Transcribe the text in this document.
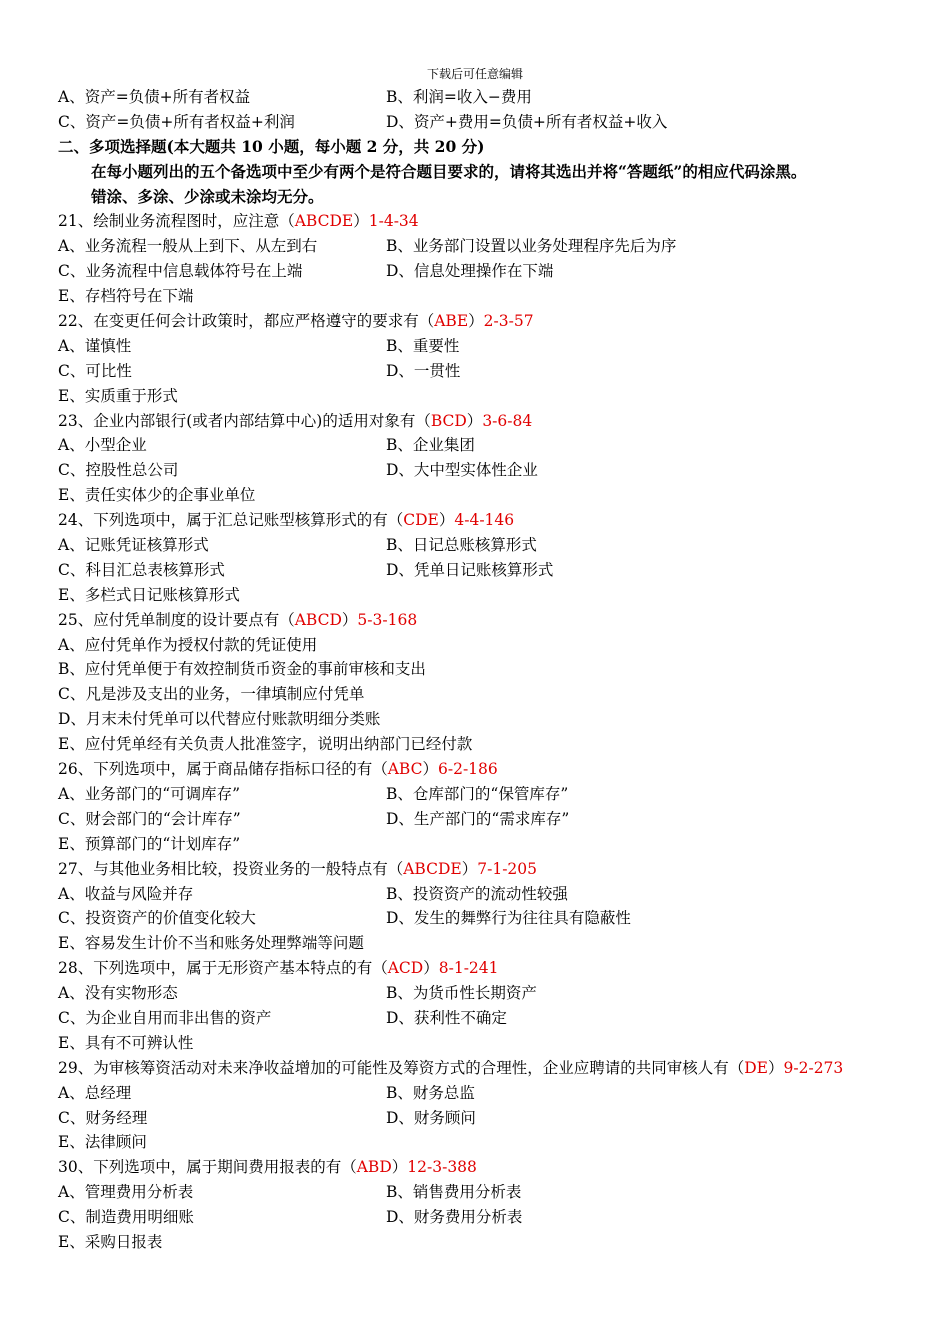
下载后可任意编辑
A、资产=负债+所有者权益	B、利润=收入−费用
C、资产=负债+所有者权益+利润	D、资产+费用=负债+所有者权益+收入
二、多项选择题(本大题共 10 小题，每小题 2 分，共 20 分)
在每小题列出的五个备选项中至少有两个是符合题目要求的，请将其选出并将“答题纸”的相应代码涂黑。
错涂、多涂、少涂或未涂均无分。
21、绘制业务流程图时，应注意（ABCDE）1-4-34
A、业务流程一般从上到下、从左到右	B、业务部门设置以业务处理程序先后为序
C、业务流程中信息载体符号在上端	D、信息处理操作在下端
E、存档符号在下端
22、在变更任何会计政策时，都应严格遵守的要求有（ABE）2-3-57
A、谨慎性	B、重要性
C、可比性	D、一贯性
E、实质重于形式
23、企业内部银行(或者内部结算中心)的适用对象有（BCD）3-6-84
A、小型企业	B、企业集团
C、控股性总公司	D、大中型实体性企业
E、责任实体少的企事业单位
24、下列选项中，属于汇总记账型核算形式的有（CDE）4-4-146
A、记账凭证核算形式	B、日记总账核算形式
C、科目汇总表核算形式	D、凭单日记账核算形式
E、多栏式日记账核算形式
25、应付凭单制度的设计要点有（ABCD）5-3-168
A、应付凭单作为授权付款的凭证使用
B、应付凭单便于有效控制货币资金的事前审核和支出
C、凡是涉及支出的业务，一律填制应付凭单
D、月末未付凭单可以代替应付账款明细分类账
E、应付凭单经有关负责人批准签字，说明出纳部门已经付款
26、下列选项中，属于商品储存指标口径的有（ABC）6-2-186
A、业务部门的“可调库存”	B、仓库部门的“保管库存”
C、财会部门的“会计库存”	D、生产部门的“需求库存”
E、预算部门的“计划库存”
27、与其他业务相比较，投资业务的一般特点有（ABCDE）7-1-205
A、收益与风险并存	B、投资资产的流动性较强
C、投资资产的价值变化较大	D、发生的舞弊行为往往具有隐蔽性
E、容易发生计价不当和账务处理弊端等问题
28、下列选项中，属于无形资产基本特点的有（ACD）8-1-241
A、没有实物形态	B、为货币性长期资产
C、为企业自用而非出售的资产	D、获利性不确定
E、具有不可辨认性
29、为审核筹资活动对未来净收益增加的可能性及筹资方式的合理性，企业应聘请的共同审核人有（DE）9-2-273
A、总经理	B、财务总监
C、财务经理	D、财务顾问
E、法律顾问
30、下列选项中，属于期间费用报表的有（ABD）12-3-388
A、管理费用分析表	B、销售费用分析表
C、制造费用明细账	D、财务费用分析表
E、采购日报表
